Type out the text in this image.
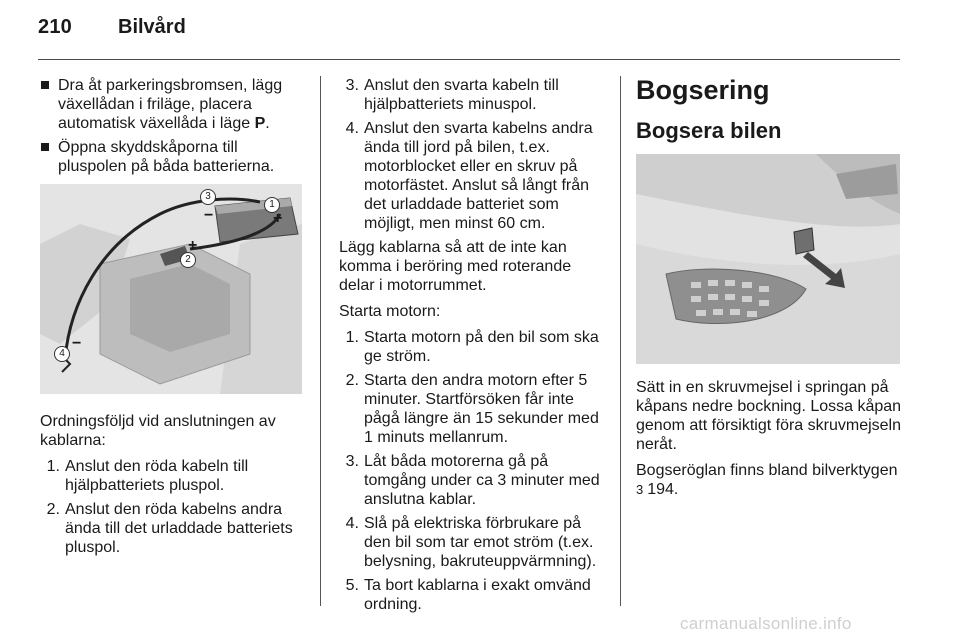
210 Bilvård
Dra åt parkeringsbromsen, lägg växellådan i friläge, placera automatisk växellåda i läge P.
Öppna skyddskåporna till pluspolen på båda batterierna.
1
2
3
4
+
+
−
−
Ordningsföljd vid anslutningen av kablarna:
1. Anslut den röda kabeln till hjälpbatteriets pluspol.
2. Anslut den röda kabelns andra ända till det urladdade batteriets pluspol.
3. Anslut den svarta kabeln till hjälpbatteriets minuspol.
4. Anslut den svarta kabelns andra ända till jord på bilen, t.ex. motorblocket eller en skruv på motorfästet. Anslut så långt från det urladdade batteriet som möjligt, men minst 60 cm.
Lägg kablarna så att de inte kan komma i beröring med roterande delar i motorrummet.
Starta motorn:
1. Starta motorn på den bil som ska ge ström.
2. Starta den andra motorn efter 5 minuter. Startförsöken får inte pågå längre än 15 sekunder med 1 minuts mellanrum.
3. Låt båda motorerna gå på tomgång under ca 3 minuter med anslutna kablar.
4. Slå på elektriska förbrukare på den bil som tar emot ström (t.ex. belysning, bakruteuppvärmning).
5. Ta bort kablarna i exakt omvänd ordning.
Bogsering
Bogsera bilen
Sätt in en skruvmejsel i springan på kåpans nedre bockning. Lossa kåpan genom att försiktigt föra skruvmejseln neråt.
Bogseröglan finns bland bilverktygen
3 194.
carmanualsonline.info
